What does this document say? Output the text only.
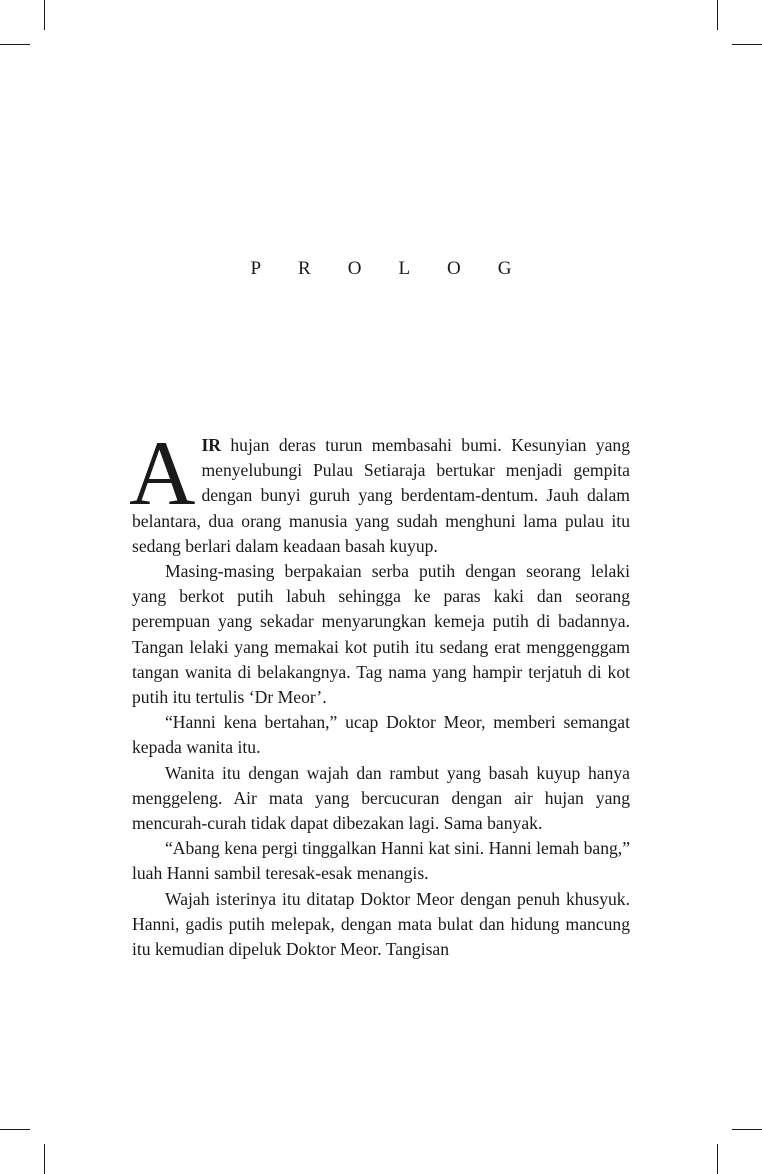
PROLOG

AIR hujan deras turun membasahi bumi. Kesunyian yang menyelubungi Pulau Setiaraja bertukar menjadi gempita dengan bunyi guruh yang berdentam-dentum. Jauh dalam belantara, dua orang manusia yang sudah menghuni lama pulau itu sedang berlari dalam keadaan basah kuyup.

Masing-masing berpakaian serba putih dengan seorang lelaki yang berkot putih labuh sehingga ke paras kaki dan seorang perempuan yang sekadar menyarungkan kemeja putih di badannya. Tangan lelaki yang memakai kot putih itu sedang erat menggenggam tangan wanita di belakangnya. Tag nama yang hampir terjatuh di kot putih itu tertulis ‘Dr Meor’.

“Hanni kena bertahan,” ucap Doktor Meor, memberi semangat kepada wanita itu.

Wanita itu dengan wajah dan rambut yang basah kuyup hanya menggeleng. Air mata yang bercucuran dengan air hujan yang mencurah-curah tidak dapat dibezakan lagi. Sama banyak.

“Abang kena pergi tinggalkan Hanni kat sini. Hanni lemah bang,” luah Hanni sambil teresak-esak menangis.

Wajah isterinya itu ditatap Doktor Meor dengan penuh khusyuk. Hanni, gadis putih melepak, dengan mata bulat dan hidung mancung itu kemudian dipeluk Doktor Meor. Tangisan
